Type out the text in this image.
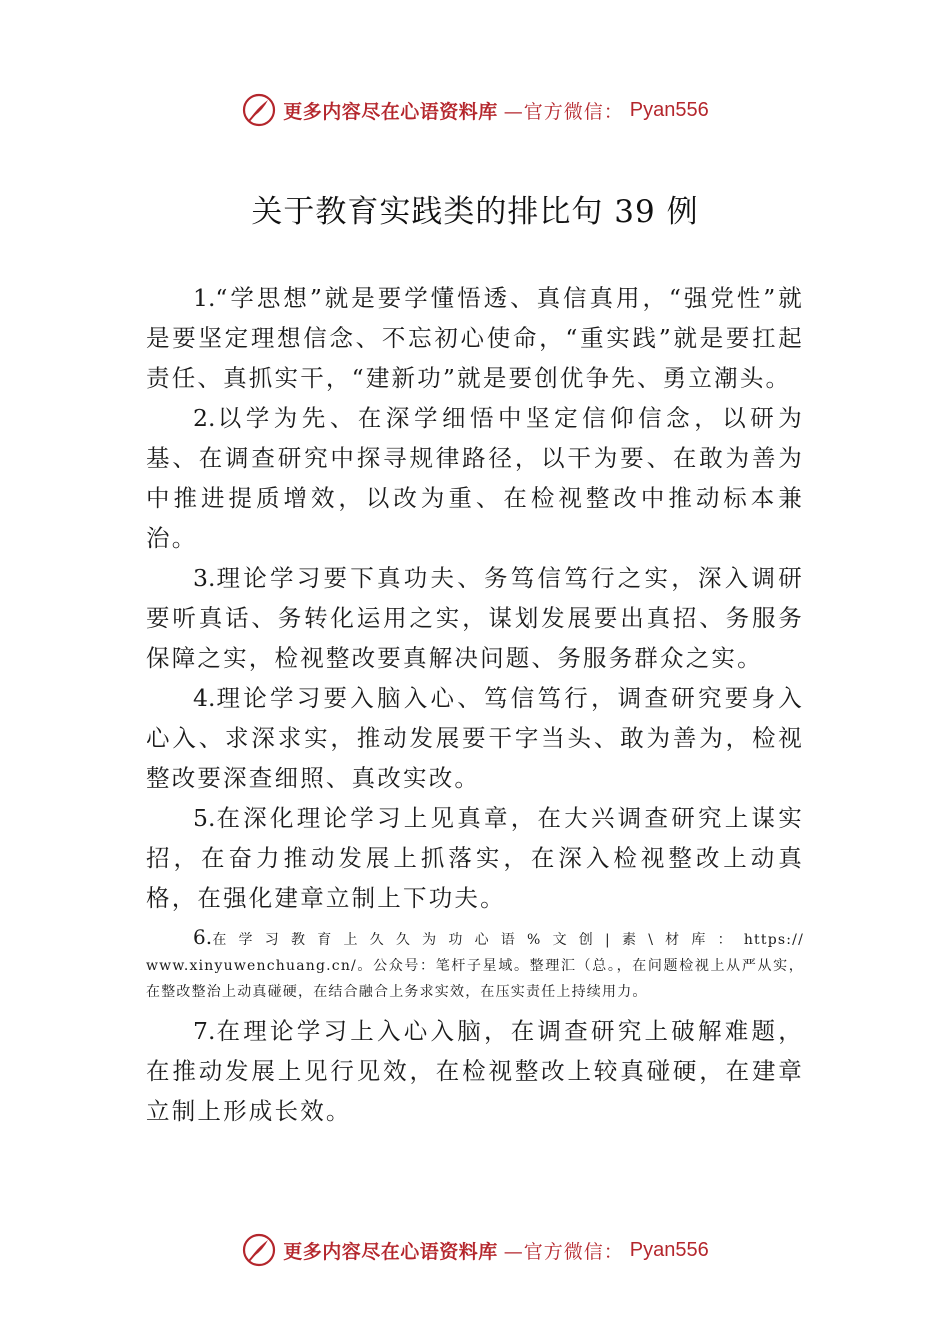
更多内容尽在心语资料库 —官方微信： Pyan556
关于教育实践类的排比句 39 例

1.“学思想”就是要学懂悟透、真信真用，“强党性”就是要坚定理想信念、不忘初心使命，“重实践”就是要扛起责任、真抓实干，“建新功”就是要创优争先、勇立潮头。

2.以学为先、在深学细悟中坚定信仰信念，以研为基、在调查研究中探寻规律路径，以干为要、在敢为善为中推进提质增效，以改为重、在检视整改中推动标本兼治。

3.理论学习要下真功夫、务笃信笃行之实，深入调研要听真话、务转化运用之实，谋划发展要出真招、务服务保障之实，检视整改要真解决问题、务服务群众之实。

4.理论学习要入脑入心、笃信笃行，调查研究要身入心入、求深求实，推动发展要干字当头、敢为善为，检视整改要深查细照、真改实改。

5.在深化理论学习上见真章，在大兴调查研究上谋实招，在奋力推动发展上抓落实，在深入检视整改上动真格，在强化建章立制上下功夫。

6.在学习教育上久久为功心语%文创|素\材库：https://www.xinyuwenchuang.cn/。公众号：笔杆子星域。整理汇（总。，在问题检视上从严从实，在整改整治上动真碰硬，在结合融合上务求实效，在压实责任上持续用力。

7.在理论学习上入心入脑，在调查研究上破解难题，在推动发展上见行见效，在检视整改上较真碰硬，在建章立制上形成长效。

更多内容尽在心语资料库 —官方微信： Pyan556
